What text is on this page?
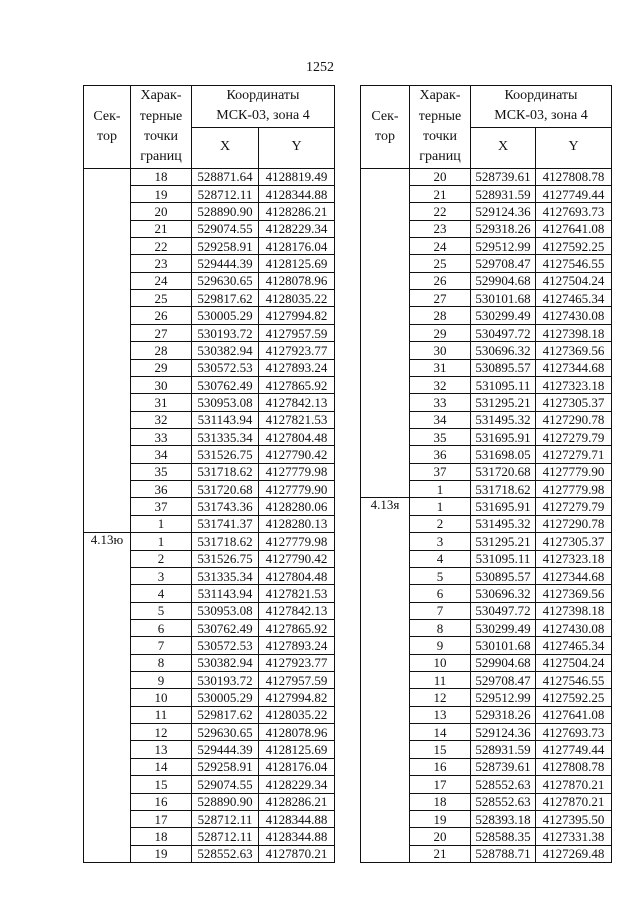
1252
Сек-
тор	Харак-
терные
точки
границ	Координаты
МСК-03, зона 4	
		X	Y
	18	528871.64	4128819.49
	19	528712.11	4128344.88
	20	528890.90	4128286.21
	21	529074.55	4128229.34
	22	529258.91	4128176.04
	23	529444.39	4128125.69
	24	529630.65	4128078.96
	25	529817.62	4128035.22
	26	530005.29	4127994.82
	27	530193.72	4127957.59
	28	530382.94	4127923.77
	29	530572.53	4127893.24
	30	530762.49	4127865.92
	31	530953.08	4127842.13
	32	531143.94	4127821.53
	33	531335.34	4127804.48
	34	531526.75	4127790.42
	35	531718.62	4127779.98
	36	531720.68	4127779.90
	37	531743.36	4128280.06
	1	531741.37	4128280.13
4.13ю	1	531718.62	4127779.98
	2	531526.75	4127790.42
	3	531335.34	4127804.48
	4	531143.94	4127821.53
	5	530953.08	4127842.13
	6	530762.49	4127865.92
	7	530572.53	4127893.24
	8	530382.94	4127923.77
	9	530193.72	4127957.59
	10	530005.29	4127994.82
	11	529817.62	4128035.22
	12	529630.65	4128078.96
	13	529444.39	4128125.69
	14	529258.91	4128176.04
	15	529074.55	4128229.34
	16	528890.90	4128286.21
	17	528712.11	4128344.88
	18	528712.11	4128344.88
	19	528552.63	4127870.21
Сек-
тор	Харак-
терные
точки
границ	Координаты
МСК-03, зона 4	
		X	Y
	20	528739.61	4127808.78
	21	528931.59	4127749.44
	22	529124.36	4127693.73
	23	529318.26	4127641.08
	24	529512.99	4127592.25
	25	529708.47	4127546.55
	26	529904.68	4127504.24
	27	530101.68	4127465.34
	28	530299.49	4127430.08
	29	530497.72	4127398.18
	30	530696.32	4127369.56
	31	530895.57	4127344.68
	32	531095.11	4127323.18
	33	531295.21	4127305.37
	34	531495.32	4127290.78
	35	531695.91	4127279.79
	36	531698.05	4127279.71
	37	531720.68	4127779.90
	1	531718.62	4127779.98
4.13я	1	531695.91	4127279.79
	2	531495.32	4127290.78
	3	531295.21	4127305.37
	4	531095.11	4127323.18
	5	530895.57	4127344.68
	6	530696.32	4127369.56
	7	530497.72	4127398.18
	8	530299.49	4127430.08
	9	530101.68	4127465.34
	10	529904.68	4127504.24
	11	529708.47	4127546.55
	12	529512.99	4127592.25
	13	529318.26	4127641.08
	14	529124.36	4127693.73
	15	528931.59	4127749.44
	16	528739.61	4127808.78
	17	528552.63	4127870.21
	18	528552.63	4127870.21
	19	528393.18	4127395.50
	20	528588.35	4127331.38
	21	528788.71	4127269.48
